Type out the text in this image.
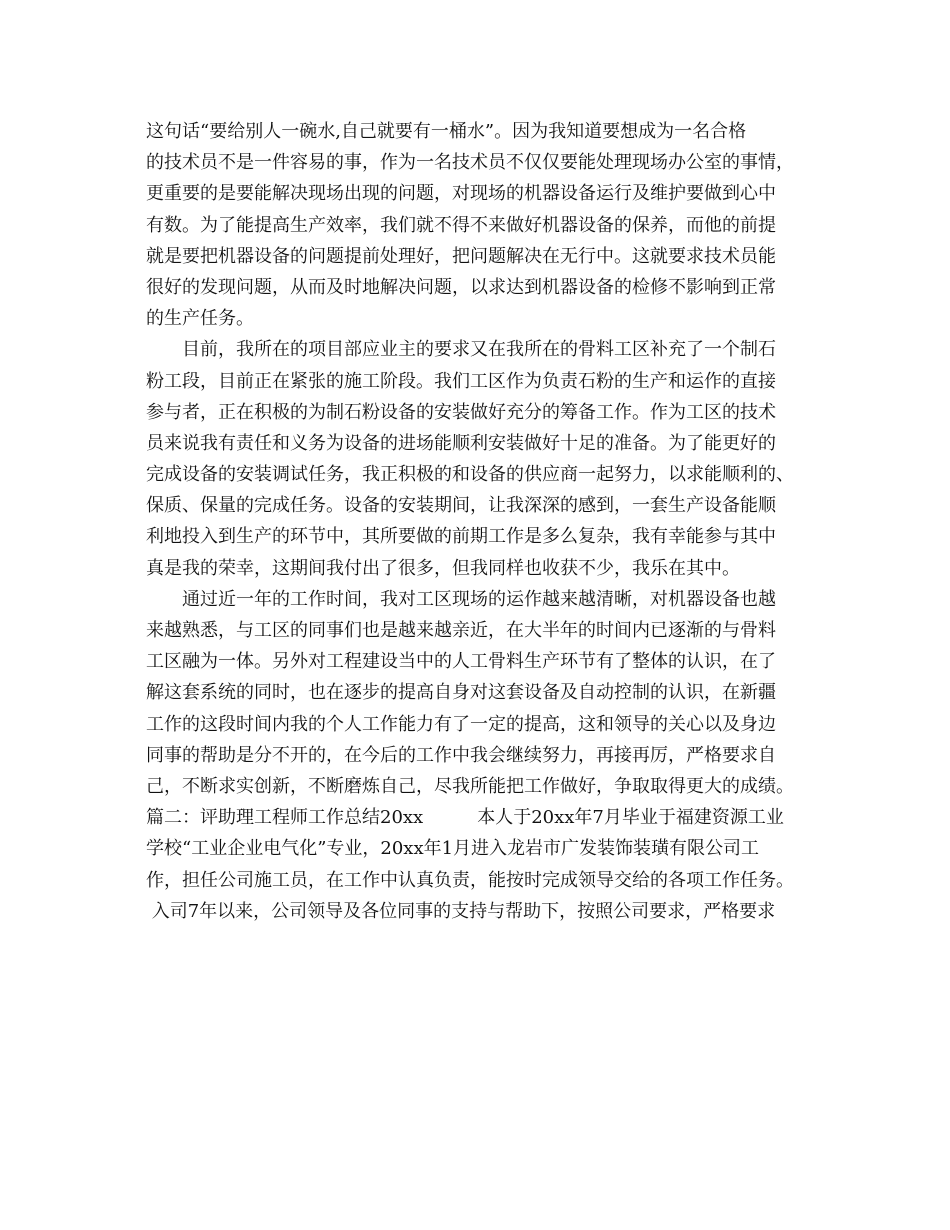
这句话“要给别人一碗水,自己就要有一桶水”。因为我知道要想成为一名合格
的技术员不是一件容易的事，作为一名技术员不仅仅要能处理现场办公室的事情，
更重要的是要能解决现场出现的问题，对现场的机器设备运行及维护要做到心中
有数。为了能提高生产效率，我们就不得不来做好机器设备的保养，而他的前提
就是要把机器设备的问题提前处理好，把问题解决在无行中。这就要求技术员能
很好的发现问题，从而及时地解决问题，以求达到机器设备的检修不影响到正常
的生产任务。
　　目前，我所在的项目部应业主的要求又在我所在的骨料工区补充了一个制石
粉工段，目前正在紧张的施工阶段。我们工区作为负责石粉的生产和运作的直接
参与者，正在积极的为制石粉设备的安装做好充分的筹备工作。作为工区的技术
员来说我有责任和义务为设备的进场能顺利安装做好十足的准备。为了能更好的
完成设备的安装调试任务，我正积极的和设备的供应商一起努力，以求能顺利的、
保质、保量的完成任务。设备的安装期间，让我深深的感到，一套生产设备能顺
利地投入到生产的环节中，其所要做的前期工作是多么复杂，我有幸能参与其中
真是我的荣幸，这期间我付出了很多，但我同样也收获不少，我乐在其中。
　　通过近一年的工作时间，我对工区现场的运作越来越清晰，对机器设备也越
来越熟悉，与工区的同事们也是越来越亲近，在大半年的时间内已逐渐的与骨料
工区融为一体。另外对工程建设当中的人工骨料生产环节有了整体的认识，在了
解这套系统的同时，也在逐步的提高自身对这套设备及自动控制的认识，在新疆
工作的这段时间内我的个人工作能力有了一定的提高，这和领导的关心以及身边
同事的帮助是分不开的，在今后的工作中我会继续努力，再接再厉，严格要求自
己，不断求实创新，不断磨炼自己，尽我所能把工作做好，争取取得更大的成绩。
篇二：评助理工程师工作总结20xx　　　本人于20xx年7月毕业于福建资源工业
学校“工业企业电气化”专业，20xx年1月进入龙岩市广发装饰装璜有限公司工
作，担任公司施工员，在工作中认真负责，能按时完成领导交给的各项工作任务。
入司7年以来，公司领导及各位同事的支持与帮助下，按照公司要求，严格要求
